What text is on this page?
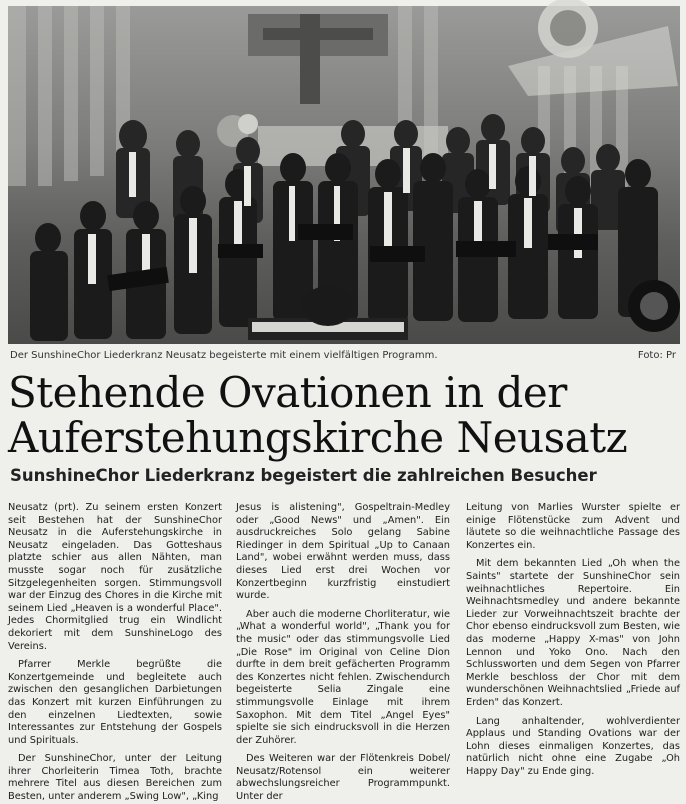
Der SunshineChor Liederkranz Neusatz begeisterte mit einem vielfältigen Programm.	Foto: Pr
Stehende Ovationen in der Auferstehungskirche Neusatz
SunshineChor Liederkranz begeistert die zahlreichen Besucher

Neusatz (prt). Zu seinem ersten Konzert seit Bestehen hat der SunshineChor Neusatz in die Auferstehungskirche in Neusatz eingeladen. Das Gotteshaus platzte schier aus allen Nähten, man musste sogar noch für zusätzliche Sitzgelegenheiten sorgen. Stimmungsvoll war der Einzug des Chores in die Kirche mit seinem Lied „Heaven is a wonderful Place". Jedes Chormitglied trug ein Windlicht dekoriert mit dem SunshineLogo des Vereins.

Pfarrer Merkle begrüßte die Konzertgemeinde und begleitete auch zwischen den gesanglichen Darbietungen das Konzert mit kurzen Einführungen zu den einzelnen Liedtexten, sowie Interessantes zur Entstehung der Gospels und Spirituals.

Der SunshineChor, unter der Leitung ihrer Chorleiterin Timea Toth, brachte mehrere Titel aus diesen Bereichen zum Besten, unter anderem „Swing Low", „King

Jesus is alistening", Gospeltrain-Medley oder „Good News" und „Amen". Ein ausdruckreiches Solo gelang Sabine Riedinger in dem Spiritual „Up to Canaan Land", wobei erwähnt werden muss, dass dieses Lied erst drei Wochen vor Konzertbeginn kurzfristig einstudiert wurde.

Aber auch die moderne Chorliteratur, wie „What a wonderful world", „Thank you for the music" oder das stimmungsvolle Lied „Die Rose" im Original von Celine Dion durfte in dem breit gefächerten Programm des Konzertes nicht fehlen. Zwischendurch begeisterte Selia Zingale eine stimmungsvolle Einlage mit ihrem Saxophon. Mit dem Titel „Angel Eyes" spielte sie sich eindrucksvoll in die Herzen der Zuhörer.

Des Weiteren war der Flötenkreis Dobel/ Neusatz/Rotensol ein weiterer abwechslungsreicher Programmpunkt. Unter der

Leitung von Marlies Wurster spielte er einige Flötenstücke zum Advent und läutete so die weihnachtliche Passage des Konzertes ein.

Mit dem bekannten Lied „Oh when the Saints" startete der SunshineChor sein weihnachtliches Repertoire. Ein Weihnachtsmedley und andere bekannte Lieder zur Vorweihnachtszeit brachte der Chor ebenso eindrucksvoll zum Besten, wie das moderne „Happy X-mas" von John Lennon und Yoko Ono. Nach den Schlussworten und dem Segen von Pfarrer Merkle beschloss der Chor mit dem wunderschönen Weihnachtslied „Friede auf Erden" das Konzert.

Lang anhaltender, wohlverdienter Applaus und Standing Ovations war der Lohn dieses einmaligen Konzertes, das natürlich nicht ohne eine Zugabe „Oh Happy Day" zu Ende ging.
